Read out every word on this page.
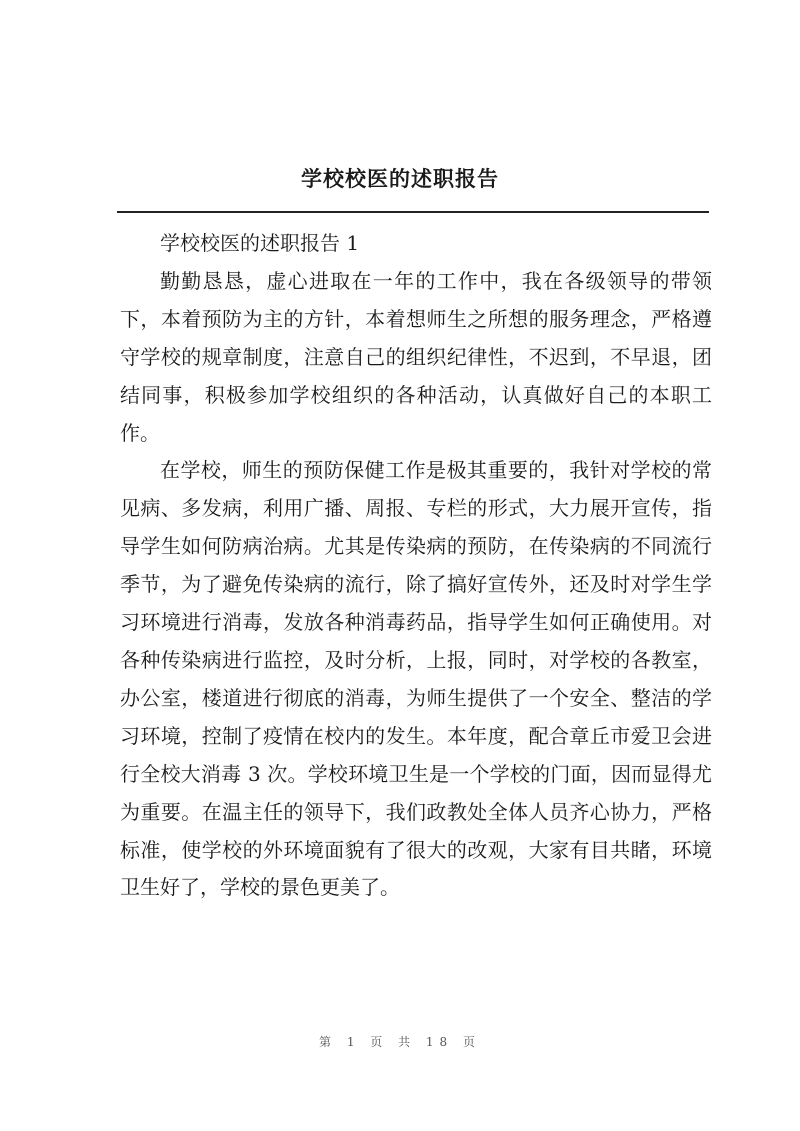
学校校医的述职报告

学校校医的述职报告 1

勤勤恳恳，虚心进取在一年的工作中，我在各级领导的带领下，本着预防为主的方针，本着想师生之所想的服务理念，严格遵守学校的规章制度，注意自己的组织纪律性，不迟到，不早退，团结同事，积极参加学校组织的各种活动，认真做好自己的本职工作。

在学校，师生的预防保健工作是极其重要的，我针对学校的常见病、多发病，利用广播、周报、专栏的形式，大力展开宣传，指导学生如何防病治病。尤其是传染病的预防，在传染病的不同流行季节，为了避免传染病的流行，除了搞好宣传外，还及时对学生学习环境进行消毒，发放各种消毒药品，指导学生如何正确使用。对各种传染病进行监控，及时分析，上报，同时，对学校的各教室，办公室，楼道进行彻底的消毒，为师生提供了一个安全、整洁的学习环境，控制了疫情在校内的发生。本年度，配合章丘市爱卫会进行全校大消毒 3 次。学校环境卫生是一个学校的门面，因而显得尤为重要。在温主任的领导下，我们政教处全体人员齐心协力，严格标准，使学校的外环境面貌有了很大的改观，大家有目共睹，环境卫生好了，学校的景色更美了。

第 1 页 共 18 页
